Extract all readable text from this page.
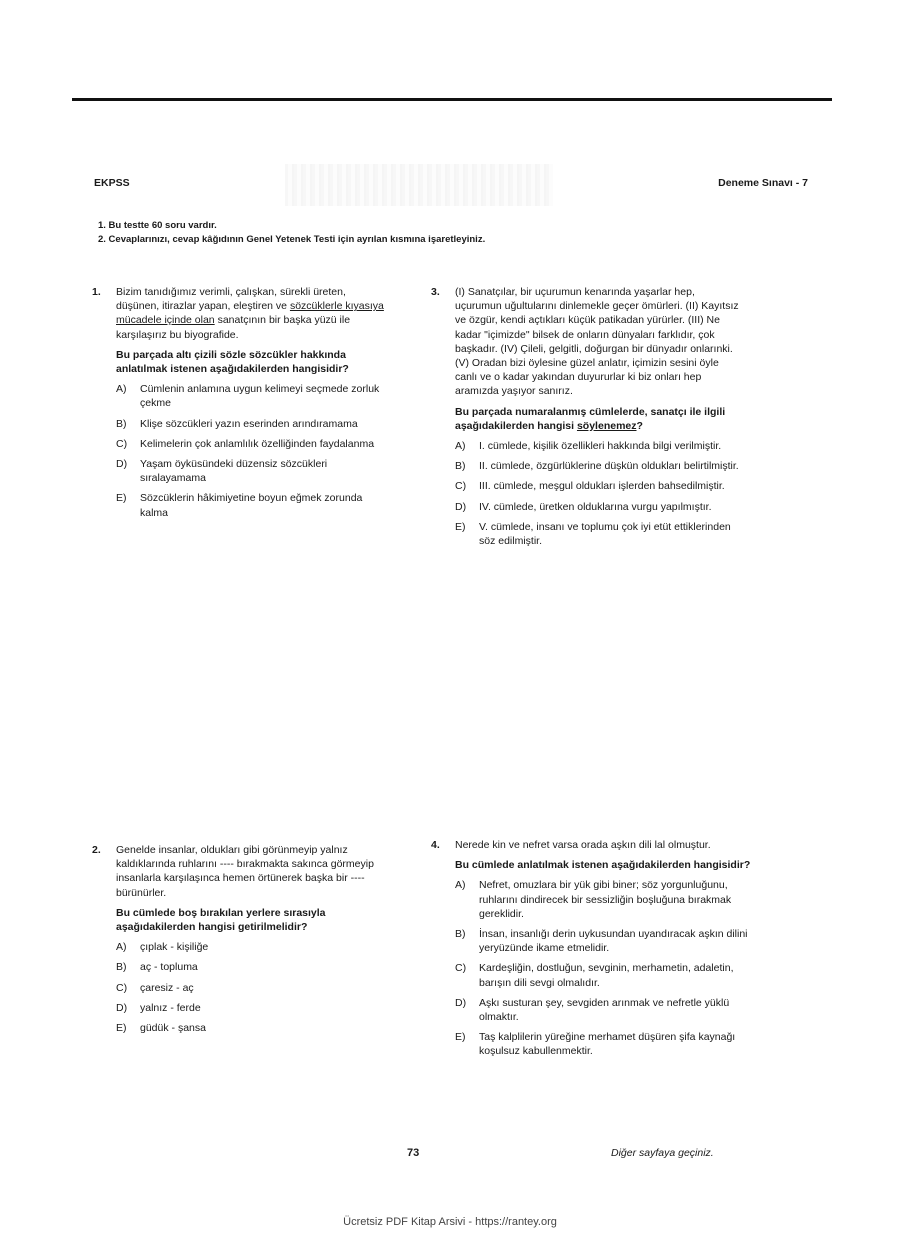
EKPSS	Deneme Sınavı - 7
1. Bu testte 60 soru vardır.
2. Cevaplarınızı, cevap kâğıdının Genel Yetenek Testi için ayrılan kısmına işaretleyiniz.
1. Bizim tanıdığımız verimli, çalışkan, sürekli üreten, düşünen, itirazlar yapan, eleştiren ve sözcüklerle kıyasıya mücadele içinde olan sanatçının bir başka yüzü ile karşılaşırız bu biyografide.
Bu parçada altı çizili sözle sözcükler hakkında anlatılmak istenen aşağıdakilerden hangisidir?
A)	Cümlenin anlamına uygun kelimeyi seçmede zorluk çekme
B)	Klişe sözcükleri yazın eserinden arındıramama
C)	Kelimelerin çok anlamlılık özelliğinden faydalanma
D)	Yaşam öyküsündeki düzensiz sözcükleri sıralayamama
E)	Sözcüklerin hâkimiyetine boyun eğmek zorunda kalma
3. (I) Sanatçılar, bir uçurumun kenarında yaşarlar hep, uçurumun uğultularını dinlemekle geçer ömürleri. (II) Kayıtsız ve özgür, kendi açtıkları küçük patikadan yürürler. (III) Ne kadar "içimizde" bilsek de onların dünyaları farklıdır, çok başkadır. (IV) Çileli, gelgitli, doğurgan bir dünyadır onlarınki. (V) Oradan bizi öylesine güzel anlatır, içimizin sesini öyle canlı ve o kadar yakından duyururlar ki biz onları hep aramızda yaşıyor sanırız.
Bu parçada numaralanmış cümlelerde, sanatçı ile ilgili aşağıdakilerden hangisi söylenemez?
A)	I. cümlede, kişilik özellikleri hakkında bilgi verilmiştir.
B)	II. cümlede, özgürlüklerine düşkün oldukları belirtilmiştir.
C)	III. cümlede, meşgul oldukları işlerden bahsedilmiştir.
D)	IV. cümlede, üretken olduklarına vurgu yapılmıştır.
E)	V. cümlede, insanı ve toplumu çok iyi etüt ettiklerinden söz edilmiştir.
2. Genelde insanlar, oldukları gibi görünmeyip yalnız kaldıklarında ruhlarını ---- bırakmakta sakınca görmeyip insanlarla karşılaşınca hemen örtünerek başka bir ---- bürünürler.
Bu cümlede boş bırakılan yerlere sırasıyla aşağıdakilerden hangisi getirilmelidir?
A)	çıplak - kişiliğe
B)	aç - topluma
C)	çaresiz - aç
D)	yalnız - ferde
E)	güdük - şansa
4. Nerede kin ve nefret varsa orada aşkın dili lal olmuştur.
Bu cümlede anlatılmak istenen aşağıdakilerden hangisidir?
A)	Nefret, omuzlara bir yük gibi biner; söz yorgunluğunu, ruhlarını dindirecek bir sessizliğin boşluğuna bırakmak gereklidir.
B)	İnsan, insanlığı derin uykusundan uyandıracak aşkın dilini yeryüzünde ikame etmelidir.
C)	Kardeşliğin, dostluğun, sevginin, merhametin, adaletin, barışın dili sevgi olmalıdır.
D)	Aşkı susturan şey, sevgiden arınmak ve nefretle yüklü olmaktır.
E)	Taş kalplilerin yüreğine merhamet düşüren şifa kaynağı koşulsuz kabullenmektir.
73	Diğer sayfaya geçiniz.
Ücretsiz PDF Kitap Arsivi - https://rantey.org
